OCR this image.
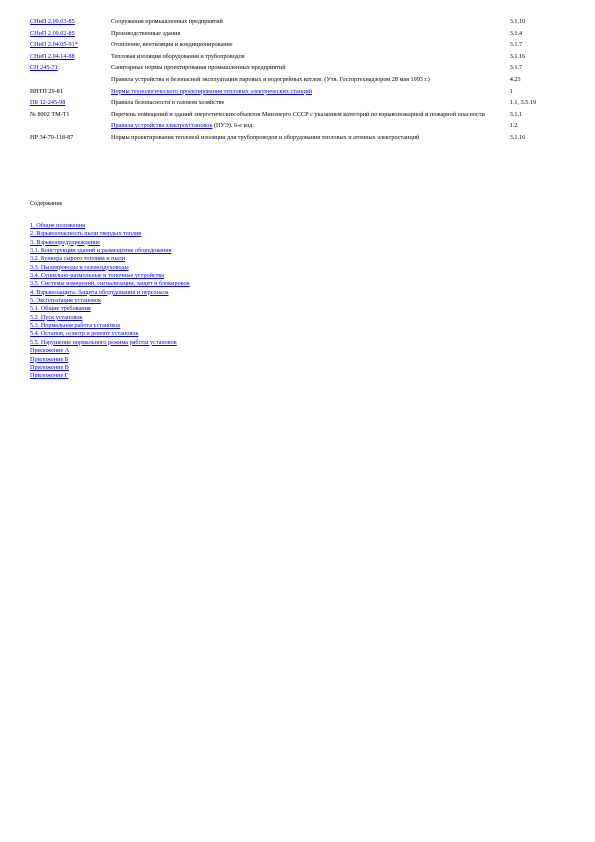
СНиП 2.09.03-85	Сооружения промышленных предприятий	3.1.10
СНиП 2.09.02-85	Производственные здания	3.1.4
СНиП 2.04.05-91*	Отопление, вентиляция и кондиционирование	3.1.7
СНиП 2.04.14-88	Тепловая изоляция оборудования и трубопроводов	3.1.16
СН 245-71	Санитарные нормы проектирования промышленных предприятий	3.1.7
	Правила устройства и безопасной эксплуатации паровых и водогрейных котлов. (Утв. Госгортехнадзором 28 мая 1993 г.)	4.23
ВНТП 29-81	Нормы технологического проектирования тепловых электрических станций	1
ПБ 12-245-98	Правила безопасности в газовом хозяйстве	1.1, 3.5.19
№ 8002 ТМ-Т1	Перечень помещений и зданий энергетических объектов Минэнерго СССР с указанием категорий по взрывопожарной и пожарной опасности	3.1.1
	Правила устройства электроустановок (ПУЭ). 6-е изд.	1.2
НР 34-70-118-87	Нормы проектирования тепловой изоляции для трубопроводов и оборудования тепловых и атомных электростанций	3.1.16
Содержание
1. Общие положения
2. Взрывоопасность пыли твердых топлив
3. Взрывопредупреждение
3.1. Конструкции зданий и размещение оборудования
3.2. Бункера сырого топлива и пыли
3.3. Пылепроводы и газовоздуховоды
3.4. Сушильно-размольные и топочные устройства
3.5. Системы измерений, сигнализации, защит и блокировок
4. Взрывозащита. Защита оборудования и персонала
5. Эксплуатация установок
5.1. Общие требования
5.2. Пуск установок
5.3. Нормальная работа установок
5.4. Останов, осмотр и ремонт установок
5.5. Нарушение нормального режима работы установок
Приложение А
Приложение Б
Приложение В
Приложение Г
